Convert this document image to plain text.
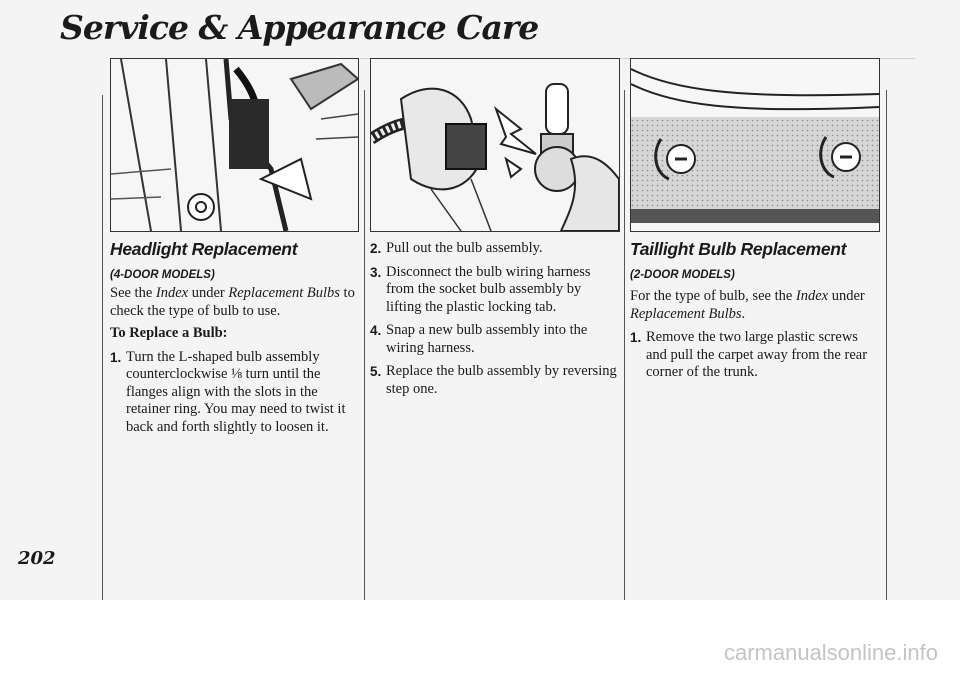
Service & Appearance Care
Headlight Replacement
(4-DOOR MODELS)

See the Index under Replacement Bulbs to check the type of bulb to use.

To Replace a Bulb:
1. Turn the L-shaped bulb assembly counterclockwise ⅛ turn until the flanges align with the slots in the retainer ring. You may need to twist it back and forth slightly to loosen it.
2. Pull out the bulb assembly.
3. Disconnect the bulb wiring harness from the socket bulb assembly by lifting the plastic locking tab.
4. Snap a new bulb assembly into the wiring harness.
5. Replace the bulb assembly by reversing step one.
Taillight Bulb Replacement
(2-DOOR MODELS)

For the type of bulb, see the Index under Replacement Bulbs.

1. Remove the two large plastic screws and pull the carpet away from the rear corner of the trunk.
202
carmanualsonline.info
